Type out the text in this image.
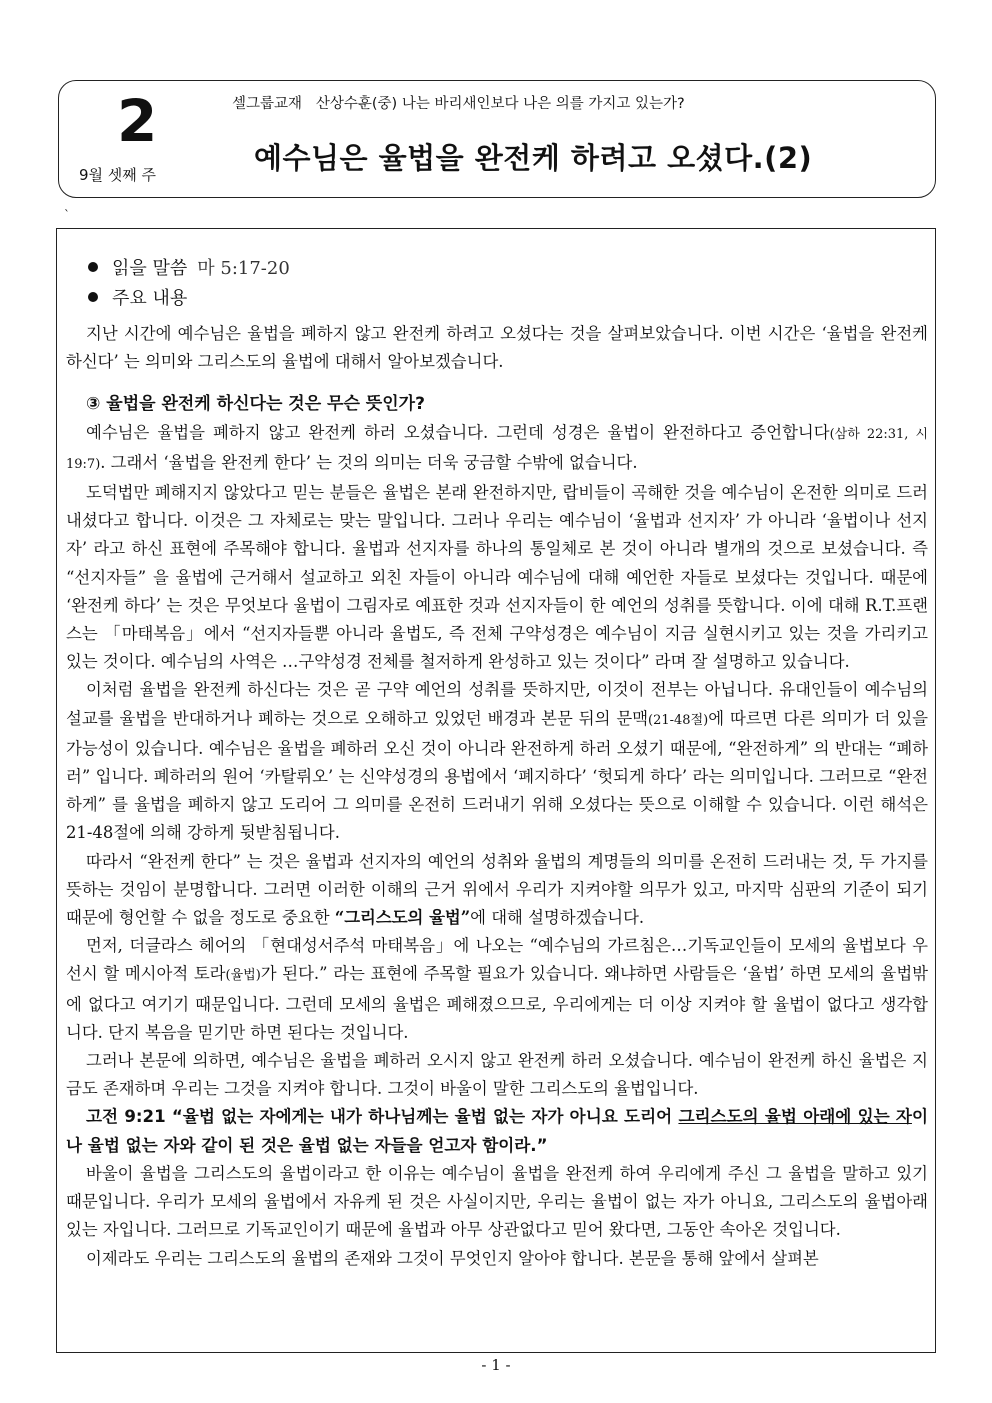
2
9월 셋째 주
셀그룹교재   산상수훈(중) 나는 바리새인보다 나은 의를 가지고 있는가?
예수님은 율법을 완전케 하려고 오셨다.(2)
`
읽을 말씀 마 5:17-20
주요 내용

지난 시간에 예수님은 율법을 폐하지 않고 완전케 하려고 오셨다는 것을 살펴보았습니다. 이번 시간은 ‘율법을 완전케 하신다’ 는 의미와 그리스도의 율법에 대해서 알아보겠습니다.

③ 율법을 완전케 하신다는 것은 무슨 뜻인가?

예수님은 율법을 폐하지 않고 완전케 하러 오셨습니다. 그런데 성경은 율법이 완전하다고 증언합니다(삼하 22:31, 시 19:7). 그래서 ‘율법을 완전케 한다’ 는 것의 의미는 더욱 궁금할 수밖에 없습니다.

도덕법만 폐해지지 않았다고 믿는 분들은 율법은 본래 완전하지만, 랍비들이 곡해한 것을 예수님이 온전한 의미로 드러내셨다고 합니다. 이것은 그 자체로는 맞는 말입니다. 그러나 우리는 예수님이 ‘율법과 선지자’ 가 아니라 ‘율법이나 선지자’ 라고 하신 표현에 주목해야 합니다. 율법과 선지자를 하나의 통일체로 본 것이 아니라 별개의 것으로 보셨습니다. 즉 “선지자들” 을 율법에 근거해서 설교하고 외친 자들이 아니라 예수님에 대해 예언한 자들로 보셨다는 것입니다. 때문에 ‘완전케 하다’ 는 것은 무엇보다 율법이 그림자로 예표한 것과 선지자들이 한 예언의 성취를 뜻합니다. 이에 대해 R.T.프랜스는 「마태복음」에서 “선지자들뿐 아니라 율법도, 즉 전체 구약성경은 예수님이 지금 실현시키고 있는 것을 가리키고 있는 것이다. 예수님의 사역은 …구약성경 전체를 철저하게 완성하고 있는 것이다” 라며 잘 설명하고 있습니다.

이처럼 율법을 완전케 하신다는 것은 곧 구약 예언의 성취를 뜻하지만, 이것이 전부는 아닙니다. 유대인들이 예수님의 설교를 율법을 반대하거나 폐하는 것으로 오해하고 있었던 배경과 본문 뒤의 문맥(21-48절)에 따르면 다른 의미가 더 있을 가능성이 있습니다. 예수님은 율법을 폐하러 오신 것이 아니라 완전하게 하러 오셨기 때문에, “완전하게” 의 반대는 “폐하러” 입니다. 폐하러의 원어 ‘카탈뤼오’ 는 신약성경의 용법에서 ‘폐지하다’ ‘헛되게 하다’ 라는 의미입니다. 그러므로 “완전하게” 를 율법을 폐하지 않고 도리어 그 의미를 온전히 드러내기 위해 오셨다는 뜻으로 이해할 수 있습니다. 이런 해석은 21-48절에 의해 강하게 뒷받침됩니다.

따라서 “완전케 한다” 는 것은 율법과 선지자의 예언의 성취와 율법의 계명들의 의미를 온전히 드러내는 것, 두 가지를 뜻하는 것임이 분명합니다. 그러면 이러한 이해의 근거 위에서 우리가 지켜야할 의무가 있고, 마지막 심판의 기준이 되기 때문에 형언할 수 없을 정도로 중요한 “그리스도의 율법”에 대해 설명하겠습니다.

먼저, 더글라스 헤어의 「현대성서주석 마태복음」에 나오는 “예수님의 가르침은…기독교인들이 모세의 율법보다 우선시 할 메시아적 토라(율법)가 된다.” 라는 표현에 주목할 필요가 있습니다. 왜냐하면 사람들은 ‘율법’ 하면 모세의 율법밖에 없다고 여기기 때문입니다. 그런데 모세의 율법은 폐해졌으므로, 우리에게는 더 이상 지켜야 할 율법이 없다고 생각합니다. 단지 복음을 믿기만 하면 된다는 것입니다.

그러나 본문에 의하면, 예수님은 율법을 폐하러 오시지 않고 완전케 하러 오셨습니다. 예수님이 완전케 하신 율법은 지금도 존재하며 우리는 그것을 지켜야 합니다. 그것이 바울이 말한 그리스도의 율법입니다.

고전 9:21 “율법 없는 자에게는 내가 하나님께는 율법 없는 자가 아니요 도리어 그리스도의 율법 아래에 있는 자이나 율법 없는 자와 같이 된 것은 율법 없는 자들을 얻고자 함이라.”

바울이 율법을 그리스도의 율법이라고 한 이유는 예수님이 율법을 완전케 하여 우리에게 주신 그 율법을 말하고 있기 때문입니다. 우리가 모세의 율법에서 자유케 된 것은 사실이지만, 우리는 율법이 없는 자가 아니요, 그리스도의 율법아래 있는 자입니다. 그러므로 기독교인이기 때문에 율법과 아무 상관없다고 믿어 왔다면, 그동안 속아온 것입니다.

이제라도 우리는 그리스도의 율법의 존재와 그것이 무엇인지 알아야 합니다. 본문을 통해 앞에서 살펴본

- 1 -
